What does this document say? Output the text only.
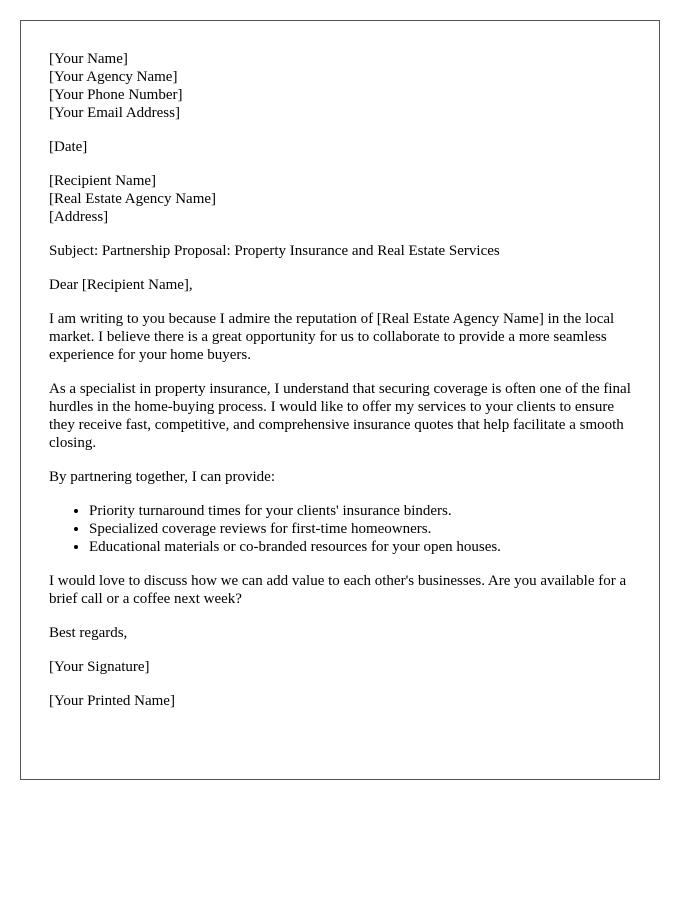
[Your Name]
[Your Agency Name]
[Your Phone Number]
[Your Email Address]
[Date]
[Recipient Name]
[Real Estate Agency Name]
[Address]

Subject: Partnership Proposal: Property Insurance and Real Estate Services

Dear [Recipient Name],

I am writing to you because I admire the reputation of [Real Estate Agency Name] in the local market. I believe there is a great opportunity for us to collaborate to provide a more seamless experience for your home buyers.

As a specialist in property insurance, I understand that securing coverage is often one of the final hurdles in the home-buying process. I would like to offer my services to your clients to ensure they receive fast, competitive, and comprehensive insurance quotes that help facilitate a smooth closing.

By partnering together, I can provide:

• Priority turnaround times for your clients' insurance binders.
• Specialized coverage reviews for first-time homeowners.
• Educational materials or co-branded resources for your open houses.

I would love to discuss how we can add value to each other's businesses. Are you available for a brief call or a coffee next week?

Best regards,

[Your Signature]

[Your Printed Name]
